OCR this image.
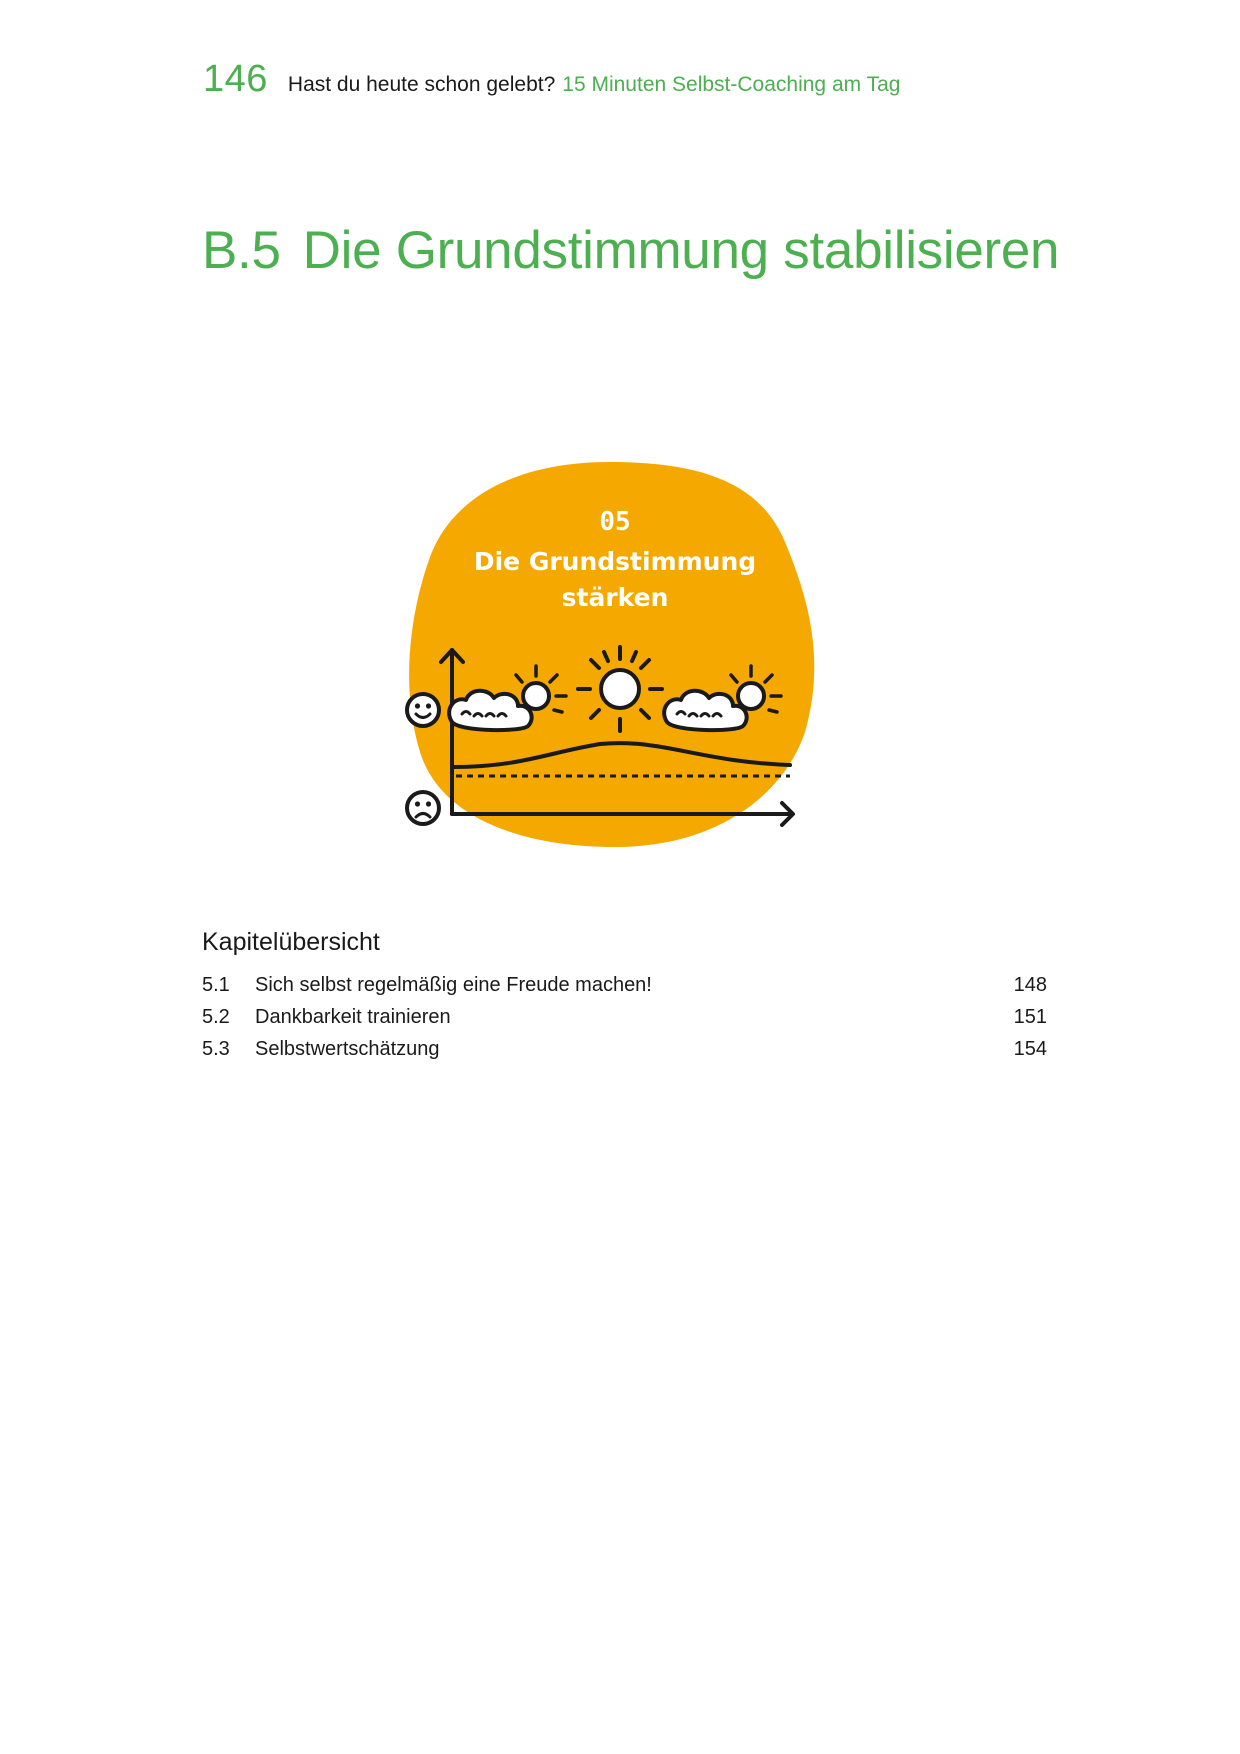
146 Hast du heute schon gelebt? 15 Minuten Selbst-Coaching am Tag
B.5 Die Grundstimmung stabilisieren
05
Die Grundstimmung
stärken
Kapitelübersicht
5.1	Sich selbst regelmäßig eine Freude machen!	148
5.2	Dankbarkeit trainieren	151
5.3	Selbstwertschätzung	154
